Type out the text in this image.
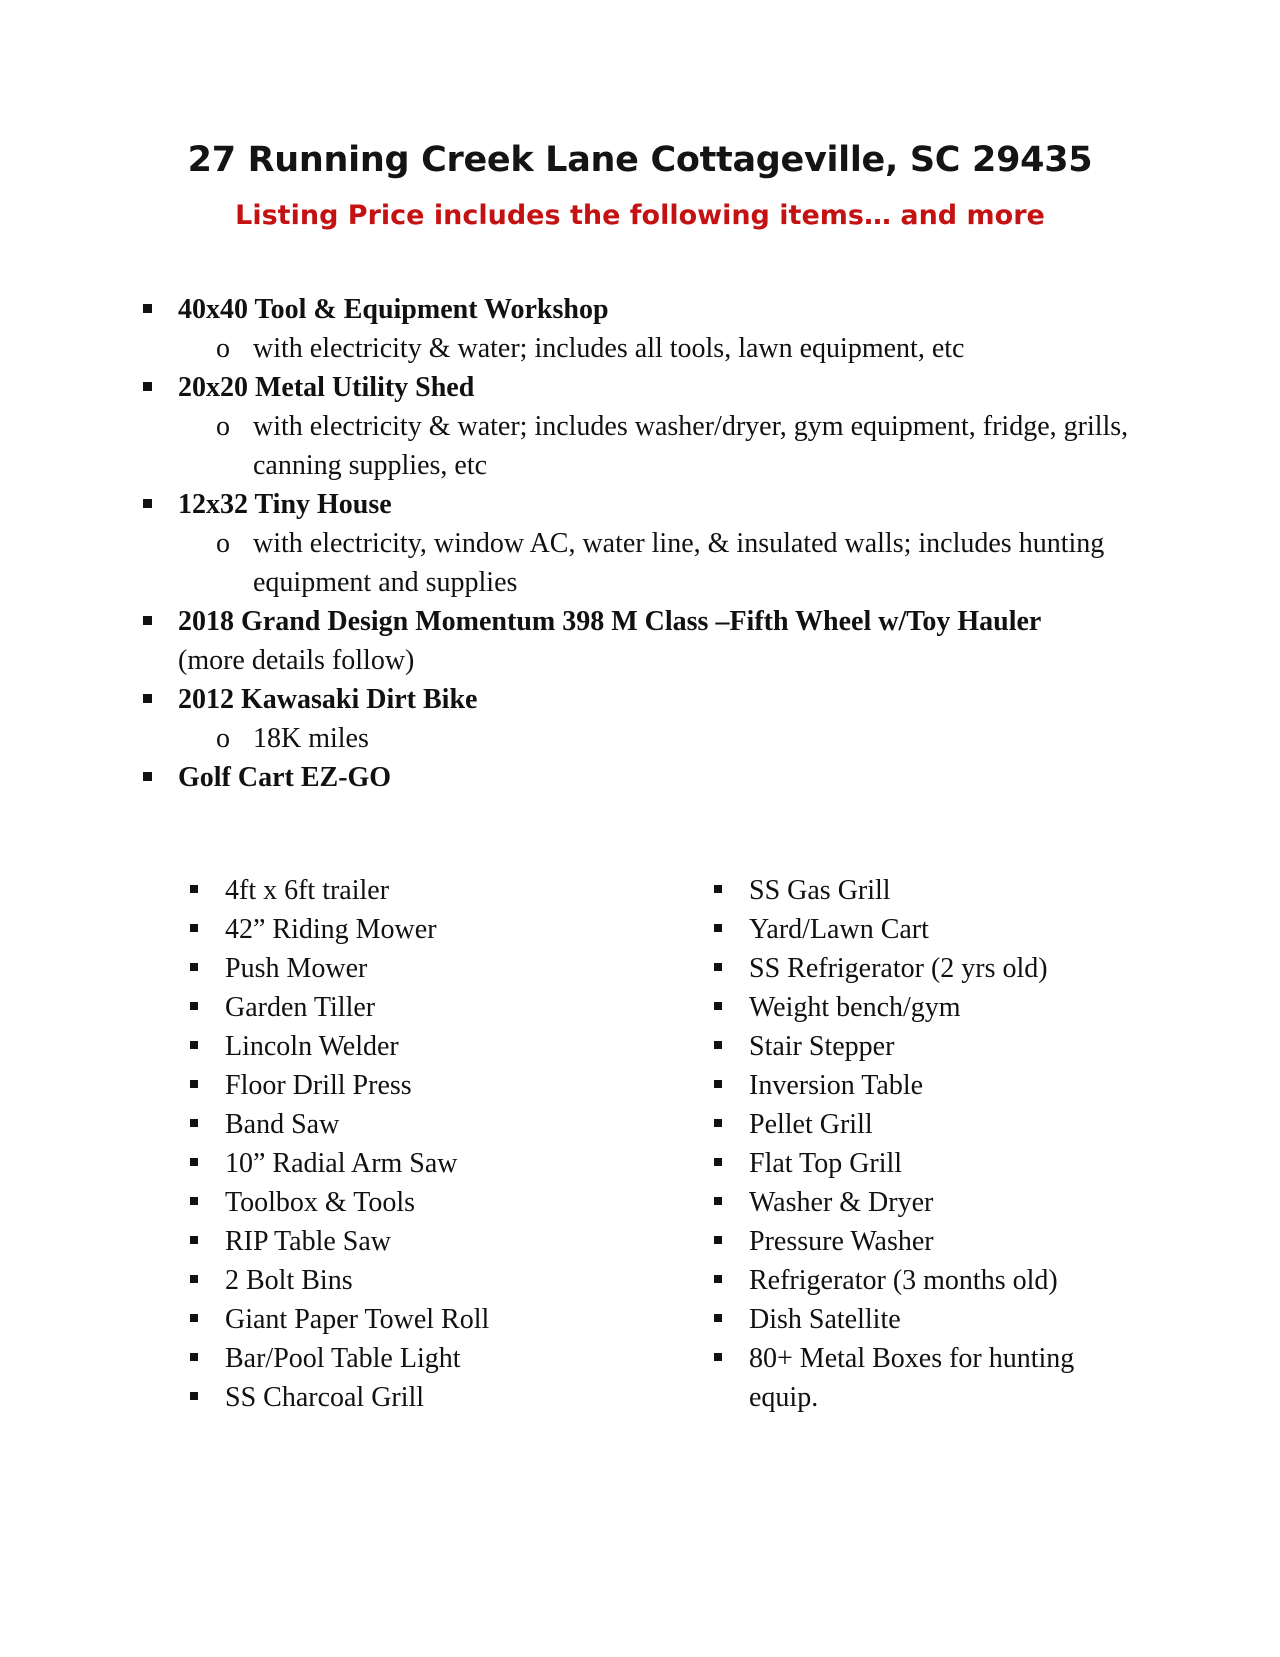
27 Running Creek Lane Cottageville, SC 29435
Listing Price includes the following items… and more
40x40 Tool & Equipment Workshop
o with electricity & water; includes all tools, lawn equipment, etc
20x20 Metal Utility Shed
o with electricity & water; includes washer/dryer, gym equipment, fridge, grills, canning supplies, etc
12x32 Tiny House
o with electricity, window AC, water line, & insulated walls; includes hunting equipment and supplies
2018 Grand Design Momentum 398 M Class –Fifth Wheel w/Toy Hauler
(more details follow)
2012 Kawasaki Dirt Bike
o 18K miles
Golf Cart EZ-GO
4ft x 6ft trailer
42” Riding Mower
Push Mower
Garden Tiller
Lincoln Welder
Floor Drill Press
Band Saw
10” Radial Arm Saw
Toolbox & Tools
RIP Table Saw
2 Bolt Bins
Giant Paper Towel Roll
Bar/Pool Table Light
SS Charcoal Grill
SS Gas Grill
Yard/Lawn Cart
SS Refrigerator (2 yrs old)
Weight bench/gym
Stair Stepper
Inversion Table
Pellet Grill
Flat Top Grill
Washer & Dryer
Pressure Washer
Refrigerator (3 months old)
Dish Satellite
80+ Metal Boxes for hunting equip.
